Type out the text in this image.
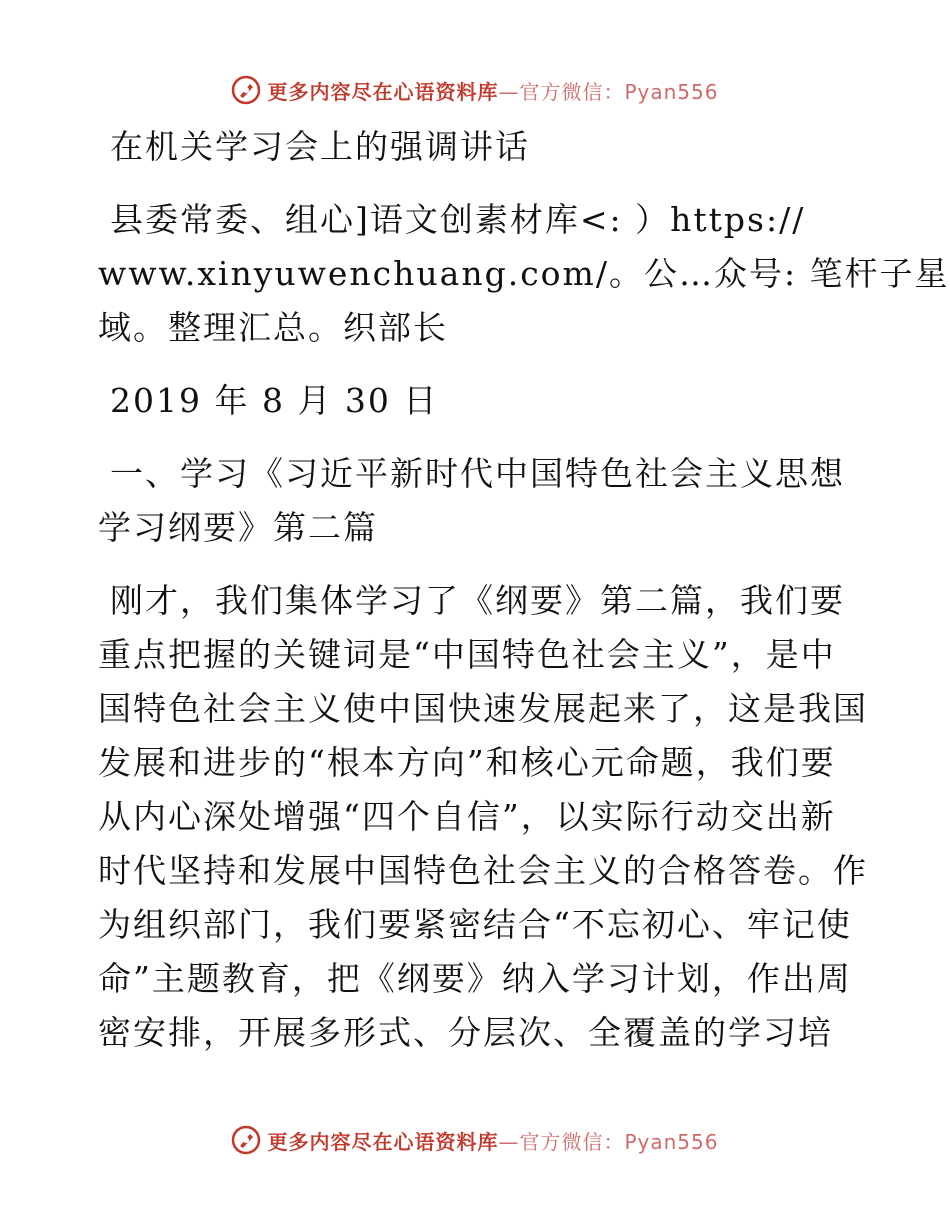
更多内容尽在心语资料库 —官方微信：Pyan556
在机关学习会上的强调讲话
县委常委、组心]语文创素材库<: ）https://
www.xinyuwenchuang.com/。公…众号: 笔杆子星
域。整理汇总。织部长
2019 年 8 月 30 日
一、学习《习近平新时代中国特色社会主义思想
学习纲要》第二篇
刚才，我们集体学习了《纲要》第二篇，我们要
重点把握的关键词是“中国特色社会主义”，是中
国特色社会主义使中国快速发展起来了，这是我国
发展和进步的“根本方向”和核心元命题，我们要
从内心深处增强“四个自信”，以实际行动交出新
时代坚持和发展中国特色社会主义的合格答卷。作
为组织部门，我们要紧密结合“不忘初心、牢记使
命”主题教育，把《纲要》纳入学习计划，作出周
密安排，开展多形式、分层次、全覆盖的学习培
更多内容尽在心语资料库 —官方微信：Pyan556
